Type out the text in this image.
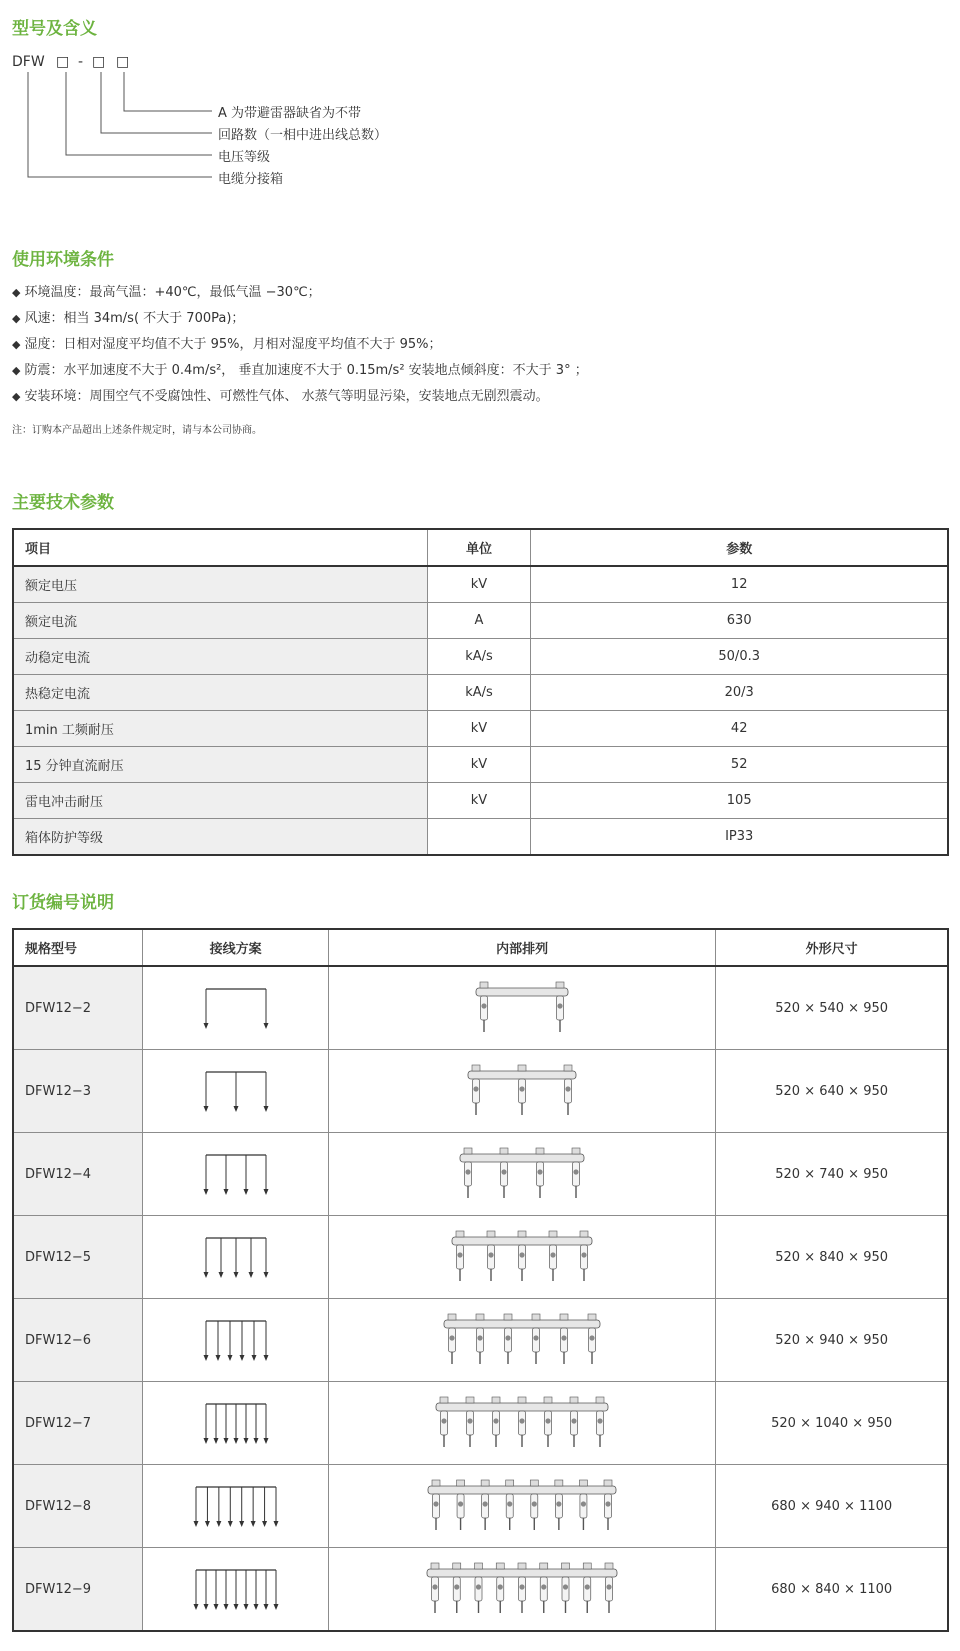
型号及含义
DFW □ - □ □
A 为带避雷器缺省为不带
回路数（一相中进出线总数）
电压等级
电缆分接箱
使用环境条件
◆ 环境温度：最高气温：+40℃，最低气温 −30℃；
◆ 风速：相当 34m/s( 不大于 700Pa)；
◆ 湿度：日相对湿度平均值不大于 95%，月相对湿度平均值不大于 95%；
◆ 防震：水平加速度不大于 0.4m/s²， 垂直加速度不大于 0.15m/s² 安装地点倾斜度：不大于 3° ；
◆ 安装环境：周围空气不受腐蚀性、可燃性气体、 水蒸气等明显污染，安装地点无剧烈震动。
注：订购本产品超出上述条件规定时，请与本公司协商。
主要技术参数
项目	单位	参数
额定电压	kV	12
额定电流	A	630
动稳定电流	kA/s	50/0.3
热稳定电流	kA/s	20/3
1min 工频耐压	kV	42
15 分钟直流耐压	kV	52
雷电冲击耐压	kV	105
箱体防护等级		IP33
订货编号说明
规格型号	接线方案	内部排列	外形尺寸
DFW12−2			520 × 540 × 950
DFW12−3			520 × 640 × 950
DFW12−4			520 × 740 × 950
DFW12−5			520 × 840 × 950
DFW12−6			520 × 940 × 950
DFW12−7			520 × 1040 × 950
DFW12−8			680 × 940 × 1100
DFW12−9			680 × 840 × 1100
